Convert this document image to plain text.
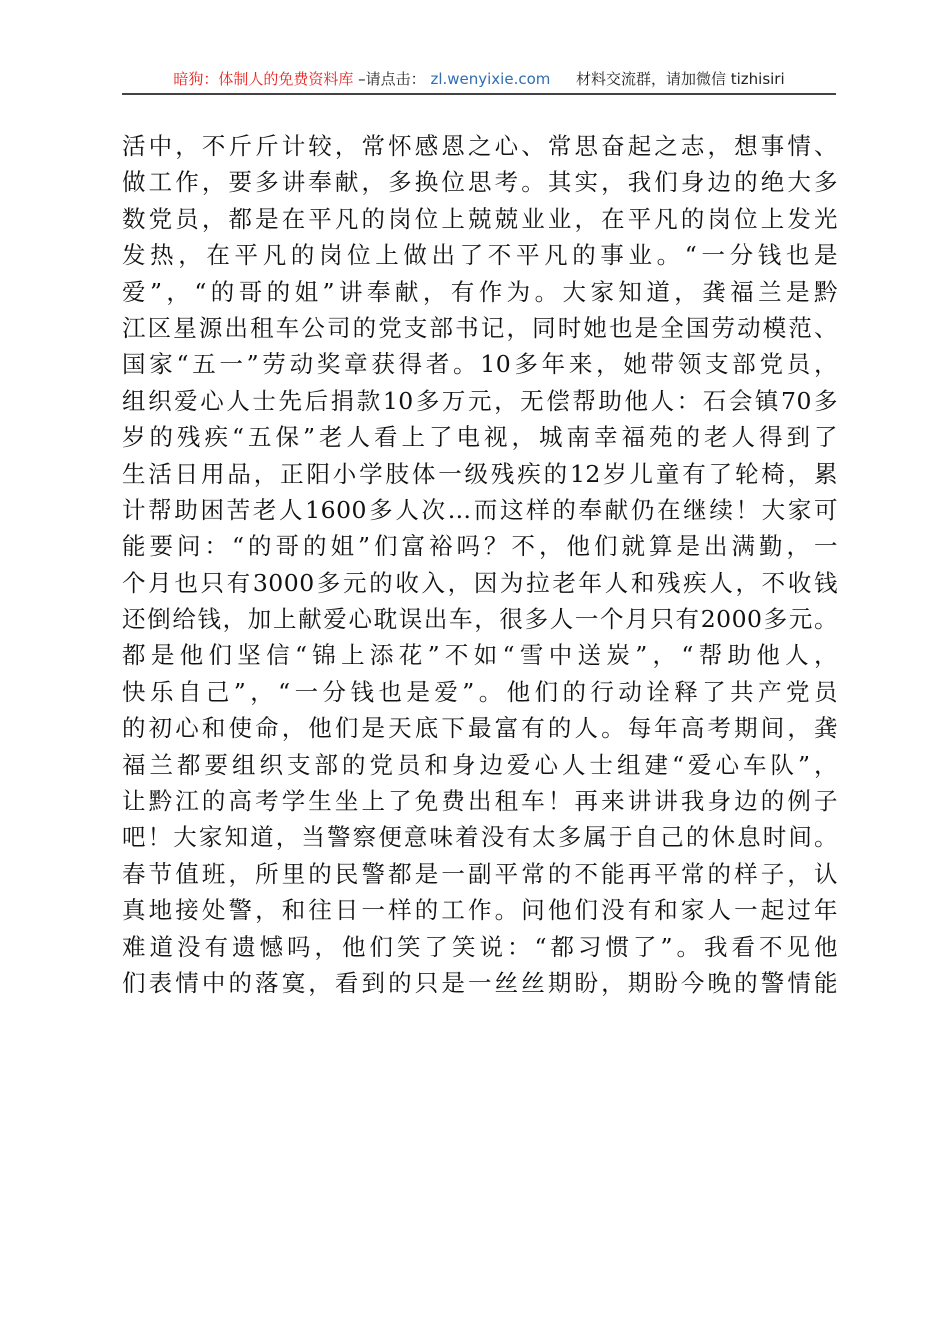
暗狗：体制人的免费资料库 –请点击： zl.wenyixie.com 材料交流群，请加微信 tizhisiri
活中，不斤斤计较，常怀感恩之心、常思奋起之志，想事情、
做工作，要多讲奉献，多换位思考。其实，我们身边的绝大多
数党员，都是在平凡的岗位上兢兢业业，在平凡的岗位上发光
发热，在平凡的岗位上做出了不平凡的事业。“一分钱也是
爱”，“的哥的姐”讲奉献，有作为。大家知道，龚福兰是黔
江区星源出租车公司的党支部书记，同时她也是全国劳动模范、
国家“五一”劳动奖章获得者。10多年来，她带领支部党员，
组织爱心人士先后捐款10多万元，无偿帮助他人：石会镇70多
岁的残疾“五保”老人看上了电视，城南幸福苑的老人得到了
生活日用品，正阳小学肢体一级残疾的12岁儿童有了轮椅，累
计帮助困苦老人1600多人次…而这样的奉献仍在继续！大家可
能要问：“的哥的姐”们富裕吗？不，他们就算是出满勤，一
个月也只有3000多元的收入，因为拉老年人和残疾人，不收钱
还倒给钱，加上献爱心耽误出车，很多人一个月只有2000多元。
都是他们坚信“锦上添花”不如“雪中送炭”，“帮助他人，
快乐自己”，“一分钱也是爱”。他们的行动诠释了共产党员
的初心和使命，他们是天底下最富有的人。每年高考期间，龚
福兰都要组织支部的党员和身边爱心人士组建“爱心车队”，
让黔江的高考学生坐上了免费出租车！再来讲讲我身边的例子
吧！大家知道，当警察便意味着没有太多属于自己的休息时间。
春节值班，所里的民警都是一副平常的不能再平常的样子，认
真地接处警，和往日一样的工作。问他们没有和家人一起过年
难道没有遗憾吗，他们笑了笑说：“都习惯了”。我看不见他
们表情中的落寞，看到的只是一丝丝期盼，期盼今晚的警情能
